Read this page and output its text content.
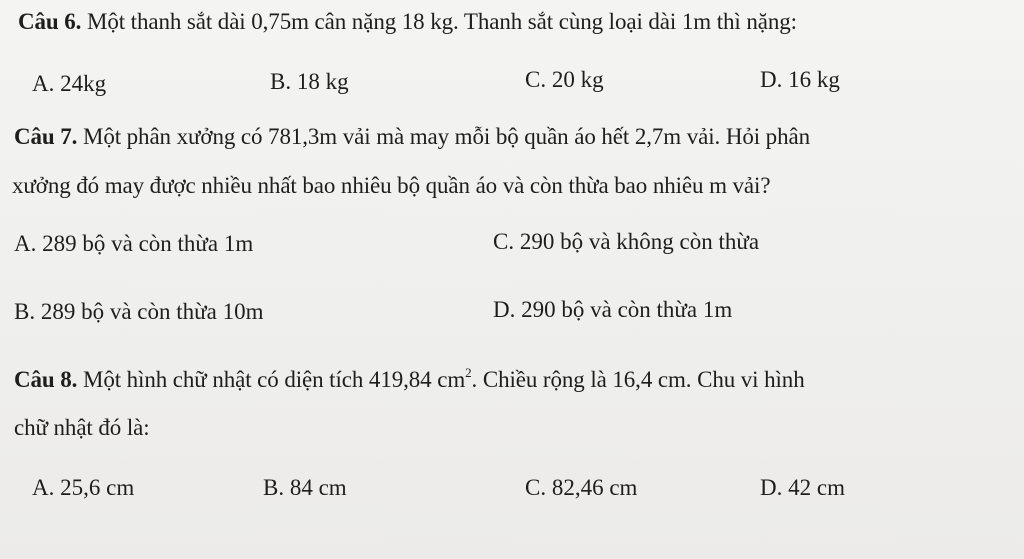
Câu 6. Một thanh sắt dài 0,75m cân nặng 18 kg. Thanh sắt cùng loại dài 1m thì nặng:
A. 24kg	B. 18 kg	C. 20 kg	D. 16 kg
Câu 7. Một phân xưởng có 781,3m vải mà may mỗi bộ quần áo hết 2,7m vải. Hỏi phân
xưởng đó may được nhiều nhất bao nhiêu bộ quần áo và còn thừa bao nhiêu m vải?
A. 289 bộ và còn thừa 1m	C. 290 bộ và không còn thừa
B. 289 bộ và còn thừa 10m	D. 290 bộ và còn thừa 1m
Câu 8. Một hình chữ nhật có diện tích 419,84 $cm^2$. Chiều rộng là 16,4 cm. Chu vi hình
chữ nhật đó là:
A. 25,6 cm	B. 84 cm	C. 82,46 cm	D. 42 cm
